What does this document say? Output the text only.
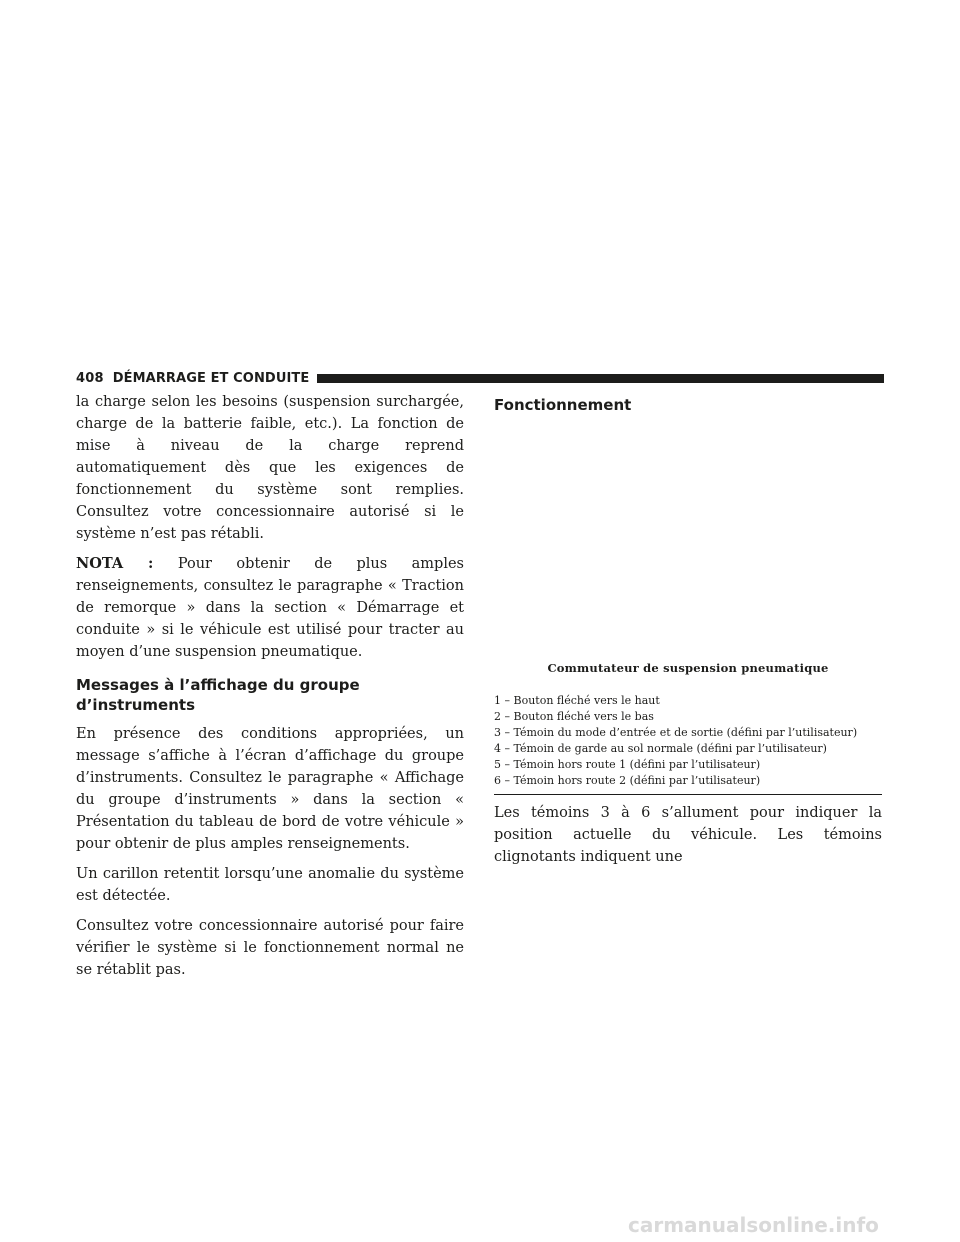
408 DÉMARRAGE ET CONDUITE

la charge selon les besoins (suspension surchargée, charge de la batterie faible, etc.). La fonction de mise à niveau de la charge reprend automatiquement dès que les exigences de fonctionnement du système sont remplies. Consultez votre concessionnaire autorisé si le système n’est pas rétabli.

NOTA : Pour obtenir de plus amples renseignements, consultez le paragraphe « Traction de remorque » dans la section « Démarrage et conduite » si le véhicule est utilisé pour tracter au moyen d’une suspension pneumatique.

Messages à l’affichage du groupe d’instruments

En présence des conditions appropriées, un message s’affiche à l’écran d’affichage du groupe d’instruments. Consultez le paragraphe « Affichage du groupe d’instruments » dans la section « Présentation du tableau de bord de votre véhicule » pour obtenir de plus amples renseignements.

Un carillon retentit lorsqu’une anomalie du système est détectée.

Consultez votre concessionnaire autorisé pour faire vérifier le système si le fonctionnement normal ne se rétablit pas.

Fonctionnement
Commutateur de suspension pneumatique
1 – Bouton fléché vers le haut
2 – Bouton fléché vers le bas
3 – Témoin du mode d’entrée et de sortie (défini par l’utilisateur)
4 – Témoin de garde au sol normale (défini par l’utilisateur)
5 – Témoin hors route 1 (défini par l’utilisateur)
6 – Témoin hors route 2 (défini par l’utilisateur)

Les témoins 3 à 6 s’allument pour indiquer la position actuelle du véhicule. Les témoins clignotants indiquent une

carmanualsonline.info
